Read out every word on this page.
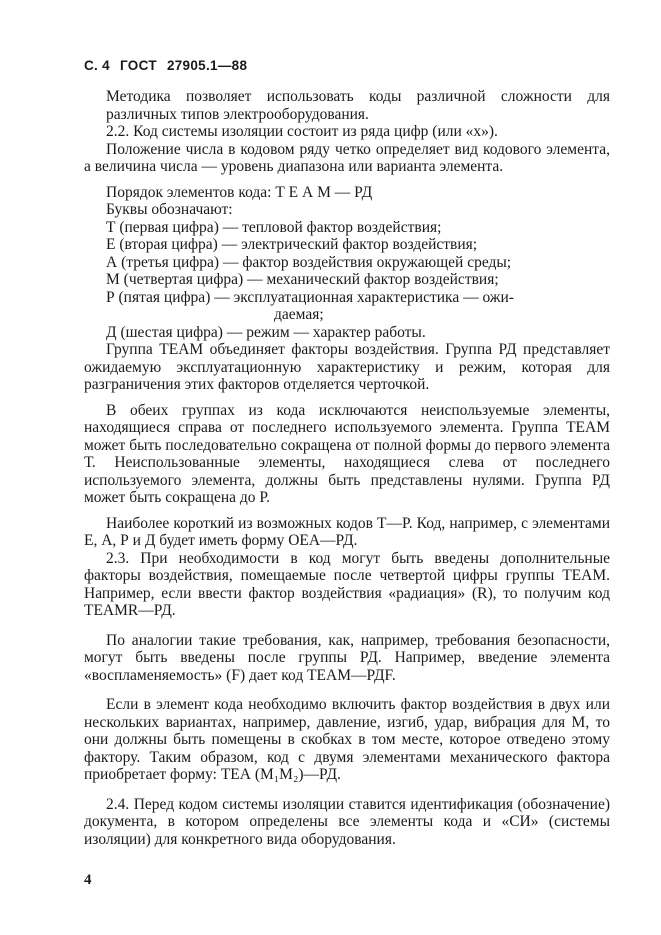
С. 4 ГОСТ 27905.1—88

Методика позволяет использовать коды различной сложности для различных типов электрооборудования.

2.2. Код системы изоляции состоит из ряда цифр (или «х»).

Положение числа в кодовом ряду четко определяет вид кодового элемента, а величина числа — уровень диапазона или варианта элемента.

Порядок элементов кода: Т Е А М — РД

Буквы обозначают:

Т (первая цифра) — тепловой фактор воздействия;

Е (вторая цифра) — электрический фактор воздействия;

А (третья цифра) — фактор воздействия окружающей среды;

М (четвертая цифра) — механический фактор воздействия;

Р (пятая цифра) — эксплуатационная характеристика — ожи-

даемая;

Д (шестая цифра) — режим — характер работы.

Группа ТЕАМ объединяет факторы воздействия. Группа РД представляет ожидаемую эксплуатационную характеристику и режим, которая для разграничения этих факторов отделяется черточкой.

В обеих группах из кода исключаются неиспользуемые элементы, находящиеся справа от последнего используемого элемента. Группа ТЕАМ может быть последовательно сокращена от полной формы до первого элемента Т. Неиспользованные элементы, находящиеся слева от последнего используемого элемента, должны быть представлены нулями. Группа РД может быть сокращена до Р.

Наиболее короткий из возможных кодов Т—Р. Код, например, с элементами Е, А, Р и Д будет иметь форму ОЕА—РД.

2.3. При необходимости в код могут быть введены дополнительные факторы воздействия, помещаемые после четвертой цифры группы ТЕАМ. Например, если ввести фактор воздействия «радиация» (R), то получим код TEAMR—РД.

По аналогии такие требования, как, например, требования безопасности, могут быть введены после группы РД. Например, введение элемента «воспламеняемость» (F) дает код ТЕАМ—РДF.

Если в элемент кода необходимо включить фактор воздействия в двух или нескольких вариантах, например, давление, изгиб, удар, вибрация для М, то они должны быть помещены в скобках в том месте, которое отведено этому фактору. Таким образом, код с двумя элементами механического фактора приобретает форму: ТЕА (М₁М₂)—РД.

2.4. Перед кодом системы изоляции ставится идентификация (обозначение) документа, в котором определены все элементы кода и «СИ» (системы изоляции) для конкретного вида оборудования.

4
